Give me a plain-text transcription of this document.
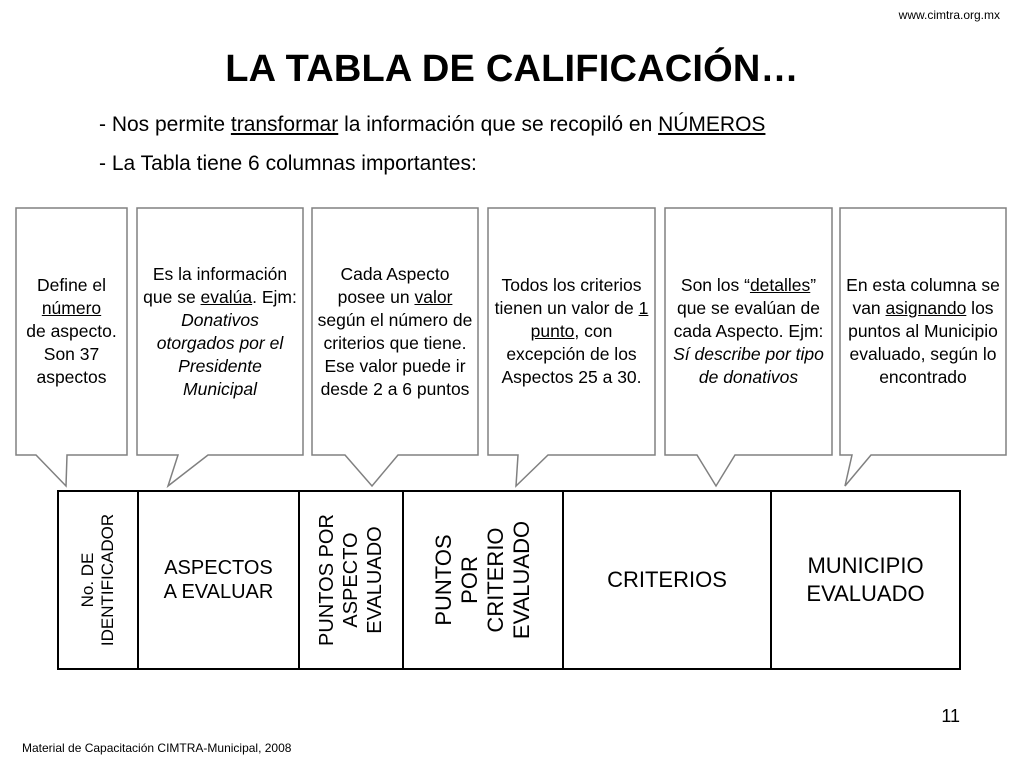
www.cimtra.org.mx
LA TABLA DE CALIFICACIÓN…
- Nos permite transformar la información que se recopiló en NÚMEROS
- La Tabla tiene 6 columnas importantes:
Define el
número
de aspecto. Son 37 aspectos
Es la información que se evalúa. Ejm: Donativos otorgados por el Presidente Municipal
Cada Aspecto posee un valor según el número de criterios que tiene. Ese valor puede ir desde 2 a 6 puntos
Todos los criterios tienen un valor de 1 punto, con excepción de los Aspectos 25 a 30.
Son los “detalles” que se evalúan de cada Aspecto. Ejm: Sí describe por tipo de donativos
En esta columna se van asignando los puntos al Municipio evaluado, según lo encontrado
No. DE
IDENTIFICADOR ASPECTOS
A EVALUAR PUNTOS POR ASPECTO EVALUADO PUNTOS
POR
CRITERIO
EVALUADO	CRITERIOS
MUNICIPIO
EVALUADO
11
Material de Capacitación CIMTRA-Municipal, 2008
